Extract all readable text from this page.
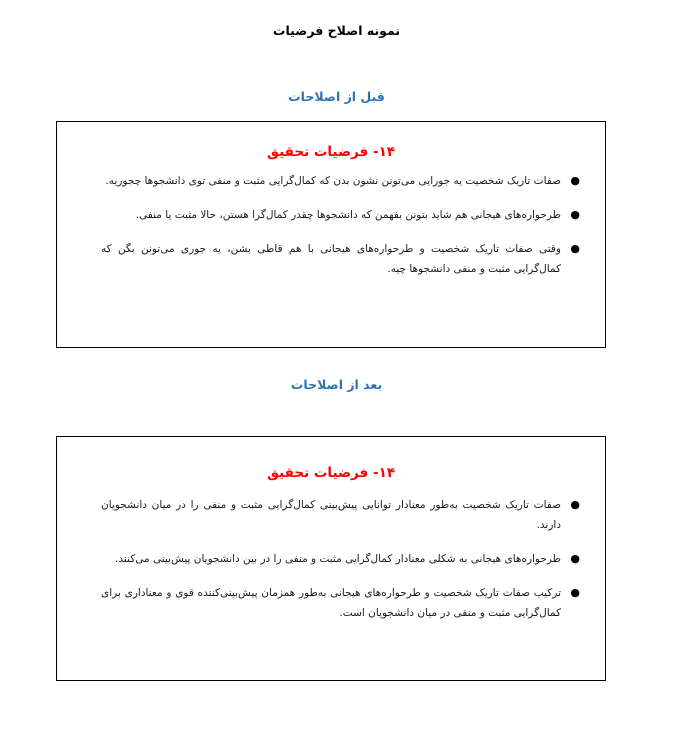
نمونه اصلاح فرضیات
قبل از اصلاحات
۱۴- فرضیات تحقیق
●
صفات تاریک شخصیت یه جورایی می‌تونن نشون بدن که کمال‌گرایی مثبت و منفی توی دانشجوها چجوریه.
●
طرحواره‌های هیجانی هم شاید بتونن بفهمن که دانشجوها چقدر کمال‌گرا هستن، حالا مثبت یا منفی.
●
وقتی صفات تاریک شخصیت و طرحواره‌های هیجانی با هم قاطی بشن، یه جوری می‌تونن بگن که کمال‌گرایی مثبت و منفی دانشجوها چیه.
بعد از اصلاحات
۱۴- فرضیات تحقیق
●
صفات تاریک شخصیت به‌طور معنادار توانایی پیش‌بینی کمال‌گرایی مثبت و منفی را در میان دانشجویان دارند.
●
طرحواره‌های هیجانی به شکلی معنادار کمال‌گرایی مثبت و منفی را در بین دانشجویان پیش‌بینی می‌کنند.
●
ترکیب صفات تاریک شخصیت و طرحواره‌های هیجانی به‌طور همزمان پیش‌بینی‌کننده قوی و معناداری برای کمال‌گرایی مثبت و منفی در میان دانشجویان است.
